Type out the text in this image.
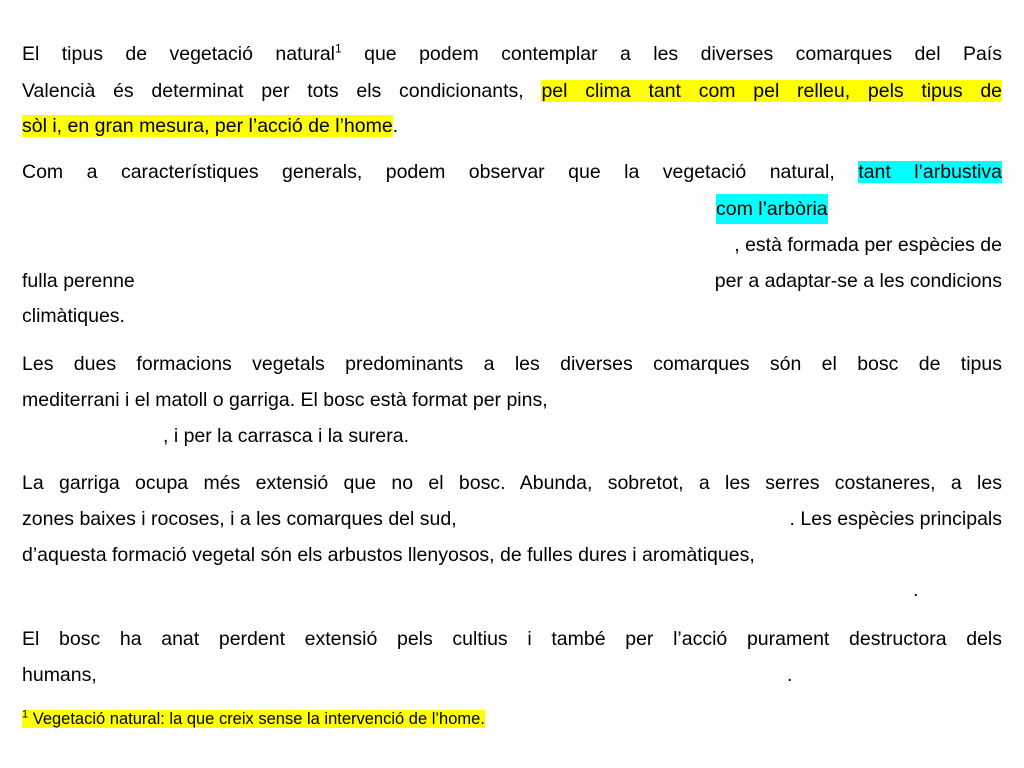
El tipus de vegetació natural$^1$ que podem contemplar a les diverses comarques del País
Valencià és determinat per tots els condicionants, pel clima tant com pel relleu, pels tipus de
sòl i, en gran mesura, per l’acció de l’home.
Com a característiques generals, podem observar que la vegetació natural, tant l’arbustiva
com l’arbòria
, està formada per espècies de
fulla perenne	per a adaptar-se a les condicions
climàtiques.
Les dues formacions vegetals predominants a les diverses comarques són el bosc de tipus
mediterrani i el matoll o garriga. El bosc està format per pins,
, i per la carrasca i la surera.
La garriga ocupa més extensió que no el bosc. Abunda, sobretot, a les serres costaneres, a les
zones baixes i rocoses, i a les comarques del sud,	. Les espècies principals
d’aquesta formació vegetal són els arbustos llenyosos, de fulles dures i aromàtiques,
.
El bosc ha anat perdent extensió pels cultius i també per l’acció purament destructora dels
humans,	.
$^1$ Vegetació natural: la que creix sense la intervenció de l’home.
